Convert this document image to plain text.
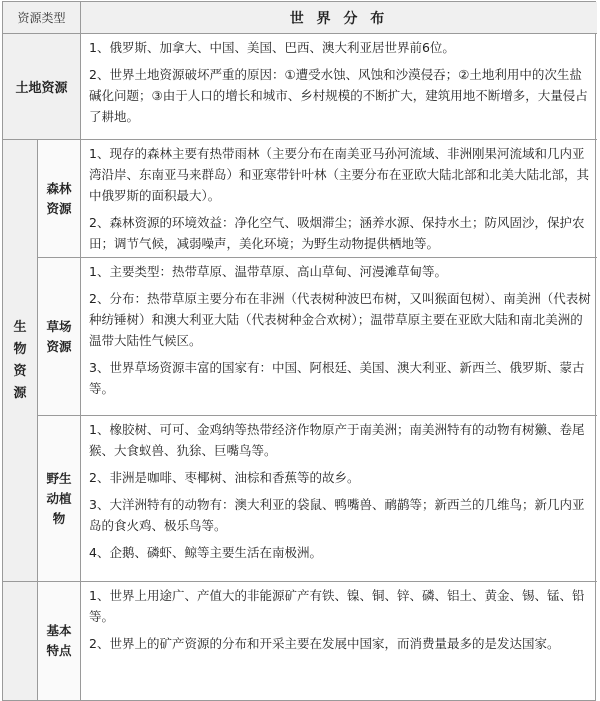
资源类型	世 界 分 布
土地资源

1、俄罗斯、加拿大、中国、美国、巴西、澳大利亚居世界前6位。

2、世界土地资源破坏严重的原因：①遭受水蚀、风蚀和沙漠侵吞；②土地利用中的次生盐碱化问题；③由于人口的增长和城市、乡村规模的不断扩大，建筑用地不断增多，大量侵占了耕地。

生物资源
森林资源

1、现存的森林主要有热带雨林（主要分布在南美亚马孙河流域、非洲刚果河流域和几内亚湾沿岸、东南亚马来群岛）和亚寒带针叶林（主要分布在亚欧大陆北部和北美大陆北部，其中俄罗斯的面积最大）。

2、森林资源的环境效益：净化空气、吸烟滞尘；涵养水源、保持水土；防风固沙，保护农田；调节气候，减弱噪声，美化环境；为野生动物提供栖地等。

草场资源

1、主要类型：热带草原、温带草原、高山草甸、河漫滩草甸等。

2、分布：热带草原主要分布在非洲（代表树种波巴布树，又叫猴面包树）、南美洲（代表树种纺锤树）和澳大利亚大陆（代表树种金合欢树）；温带草原主要在亚欧大陆和南北美洲的温带大陆性气候区。

3、世界草场资源丰富的国家有：中国、阿根廷、美国、澳大利亚、新西兰、俄罗斯、蒙古等。

野生动植物

1、橡胶树、可可、金鸡纳等热带经济作物原产于南美洲；南美洲特有的动物有树獭、卷尾猴、大食蚁兽、犰狳、巨嘴鸟等。

2、非洲是咖啡、枣椰树、油棕和香蕉等的故乡。

3、大洋洲特有的动物有：澳大利亚的袋鼠、鸭嘴兽、鸸鹋等；新西兰的几维鸟；新几内亚岛的食火鸡、极乐鸟等。

4、企鹅、磷虾、鲸等主要生活在南极洲。

基本特点

1、世界上用途广、产值大的非能源矿产有铁、镍、铜、锌、磷、铝土、黄金、锡、锰、铅等。

2、世界上的矿产资源的分布和开采主要在发展中国家，而消费量最多的是发达国家。
